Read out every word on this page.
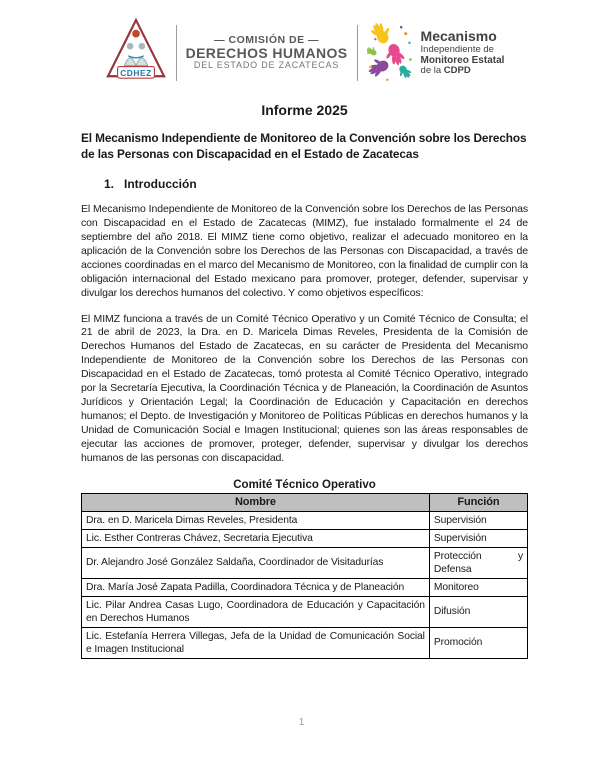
CDHEZ
— COMISIÓN DE —
DERECHOS HUMANOS
DEL ESTADO DE ZACATECAS
Mecanismo
Independiente de
Monitoreo Estatal
de la CDPD
Informe 2025
El Mecanismo Independiente de Monitoreo de la Convención sobre los Derechos de las Personas con Discapacidad en el Estado de Zacatecas
1. Introducción
El Mecanismo Independiente de Monitoreo de la Convención sobre los Derechos de las Personas con Discapacidad en el Estado de Zacatecas (MIMZ), fue instalado formalmente el 24 de septiembre del año 2018. El MIMZ tiene como objetivo, realizar el adecuado monitoreo en la aplicación de la Convención sobre los Derechos de las Personas con Discapacidad, a través de acciones coordinadas en el marco del Mecanismo de Monitoreo, con la finalidad de cumplir con la obligación internacional del Estado mexicano para promover, proteger, defender, supervisar y divulgar los derechos humanos del colectivo. Y como objetivos específicos:
El MIMZ funciona a través de un Comité Técnico Operativo y un Comité Técnico de Consulta; el 21 de abril de 2023, la Dra. en D. Maricela Dimas Reveles, Presidenta de la Comisión de Derechos Humanos del Estado de Zacatecas, en su carácter de Presidenta del Mecanismo Independiente de Monitoreo de la Convención sobre los Derechos de las Personas con Discapacidad en el Estado de Zacatecas, tomó protesta al Comité Técnico Operativo, integrado por la Secretaría Ejecutiva, la Coordinación Técnica y de Planeación, la Coordinación de Asuntos Jurídicos y Orientación Legal; la Coordinación de Educación y Capacitación en derechos humanos; el Depto. de Investigación y Monitoreo de Políticas Públicas en derechos humanos y la Unidad de Comunicación Social e Imagen Institucional; quienes son las áreas responsables de ejecutar las acciones de promover, proteger, defender, supervisar y divulgar los derechos humanos de las personas con discapacidad.
Comité Técnico Operativo
Nombre	Función
Dra. en D. Maricela Dimas Reveles, Presidenta	Supervisión
Lic. Esther Contreras Chávez, Secretaria Ejecutiva	Supervisión
Dr. Alejandro José González Saldaña, Coordinador de Visitadurías	Protección y Defensa
Dra. María José Zapata Padilla, Coordinadora Técnica y de Planeación	Monitoreo
Lic. Pilar Andrea Casas Lugo, Coordinadora de Educación y Capacitación en Derechos Humanos	Difusión
Lic. Estefanía Herrera Villegas, Jefa de la Unidad de Comunicación Social e Imagen Institucional	Promoción
1
